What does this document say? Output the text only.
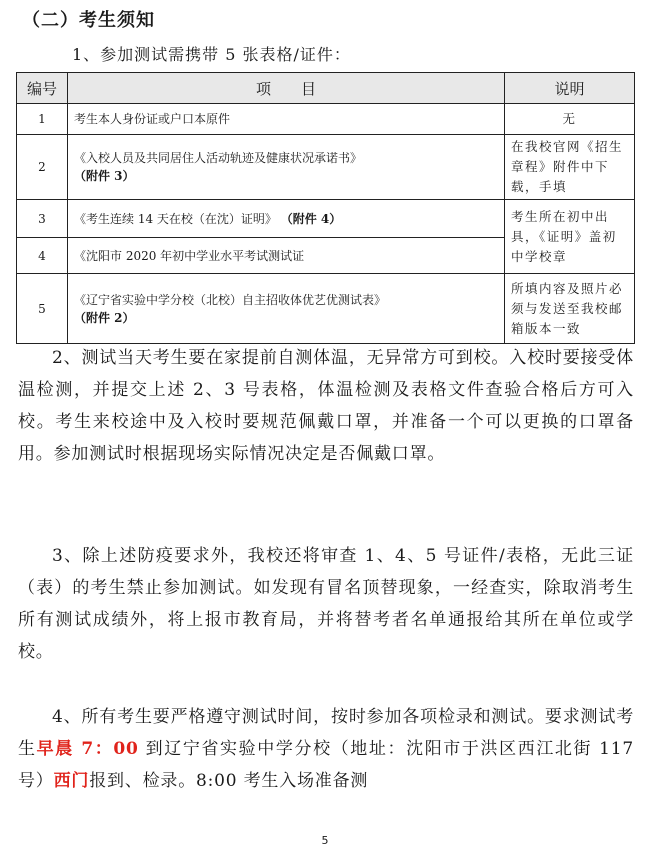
（二）考生须知

1、参加测试需携带 5 张表格/证件：

编号	项　　目	说明
1	考生本人身份证或户口本原件	无
2	《入校人员及共同居住人活动轨迹及健康状况承诺书》
（附件 3）	在我校官网《招生章程》附件中下载，手填
3	《考生连续 14 天在校（在沈）证明》 （附件 4）	考生所在初中出具，《证明》盖初中学校章
4	《沈阳市 2020 年初中学业水平考试测试证	
5	《辽宁省实验中学分校（北校）自主招收体优艺优测试表》
（附件 2）	所填内容及照片必须与发送至我校邮箱版本一致

2、测试当天考生要在家提前自测体温，无异常方可到校。入校时要接受体温检测，并提交上述 2、3 号表格，体温检测及表格文件查验合格后方可入校。考生来校途中及入校时要规范佩戴口罩，并准备一个可以更换的口罩备用。参加测试时根据现场实际情况决定是否佩戴口罩。

3、除上述防疫要求外，我校还将审查 1、4、5 号证件/表格，无此三证（表）的考生禁止参加测试。如发现有冒名顶替现象，一经查实，除取消考生所有测试成绩外，将上报市教育局，并将替考者名单通报给其所在单位或学校。

4、所有考生要严格遵守测试时间，按时参加各项检录和测试。要求测试考生早晨 7：00 到辽宁省实验中学分校（地址：沈阳市于洪区西江北街 117 号）西门报到、检录。8:00 考生入场准备测

5
